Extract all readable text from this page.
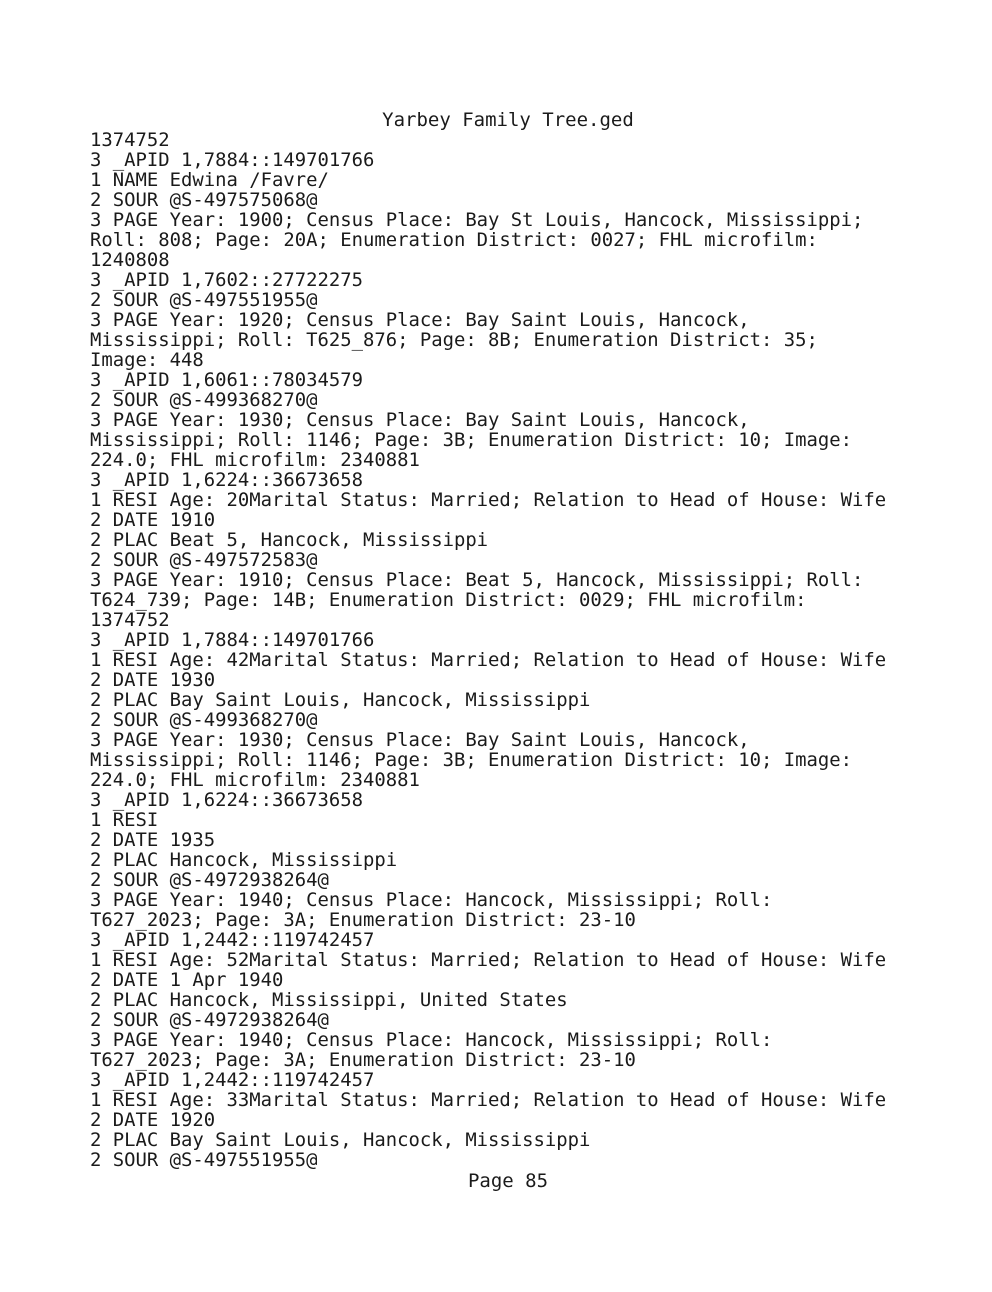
Yarbey Family Tree.ged
1374752
3 _APID 1,7884::149701766
1 NAME Edwina /Favre/
2 SOUR @S-497575068@
3 PAGE Year: 1900; Census Place: Bay St Louis, Hancock, Mississippi;
Roll: 808; Page: 20A; Enumeration District: 0027; FHL microfilm:
1240808
3 _APID 1,7602::27722275
2 SOUR @S-497551955@
3 PAGE Year: 1920; Census Place: Bay Saint Louis, Hancock,
Mississippi; Roll: T625_876; Page: 8B; Enumeration District: 35;
Image: 448
3 _APID 1,6061::78034579
2 SOUR @S-499368270@
3 PAGE Year: 1930; Census Place: Bay Saint Louis, Hancock,
Mississippi; Roll: 1146; Page: 3B; Enumeration District: 10; Image:
224.0; FHL microfilm: 2340881
3 _APID 1,6224::36673658
1 RESI Age: 20Marital Status: Married; Relation to Head of House: Wife
2 DATE 1910
2 PLAC Beat 5, Hancock, Mississippi
2 SOUR @S-497572583@
3 PAGE Year: 1910; Census Place: Beat 5, Hancock, Mississippi; Roll:
T624_739; Page: 14B; Enumeration District: 0029; FHL microfilm:
1374752
3 _APID 1,7884::149701766
1 RESI Age: 42Marital Status: Married; Relation to Head of House: Wife
2 DATE 1930
2 PLAC Bay Saint Louis, Hancock, Mississippi
2 SOUR @S-499368270@
3 PAGE Year: 1930; Census Place: Bay Saint Louis, Hancock,
Mississippi; Roll: 1146; Page: 3B; Enumeration District: 10; Image:
224.0; FHL microfilm: 2340881
3 _APID 1,6224::36673658
1 RESI
2 DATE 1935
2 PLAC Hancock, Mississippi
2 SOUR @S-4972938264@
3 PAGE Year: 1940; Census Place: Hancock, Mississippi; Roll:
T627_2023; Page: 3A; Enumeration District: 23-10
3 _APID 1,2442::119742457
1 RESI Age: 52Marital Status: Married; Relation to Head of House: Wife
2 DATE 1 Apr 1940
2 PLAC Hancock, Mississippi, United States
2 SOUR @S-4972938264@
3 PAGE Year: 1940; Census Place: Hancock, Mississippi; Roll:
T627_2023; Page: 3A; Enumeration District: 23-10
3 _APID 1,2442::119742457
1 RESI Age: 33Marital Status: Married; Relation to Head of House: Wife
2 DATE 1920
2 PLAC Bay Saint Louis, Hancock, Mississippi
2 SOUR @S-497551955@
Page 85
